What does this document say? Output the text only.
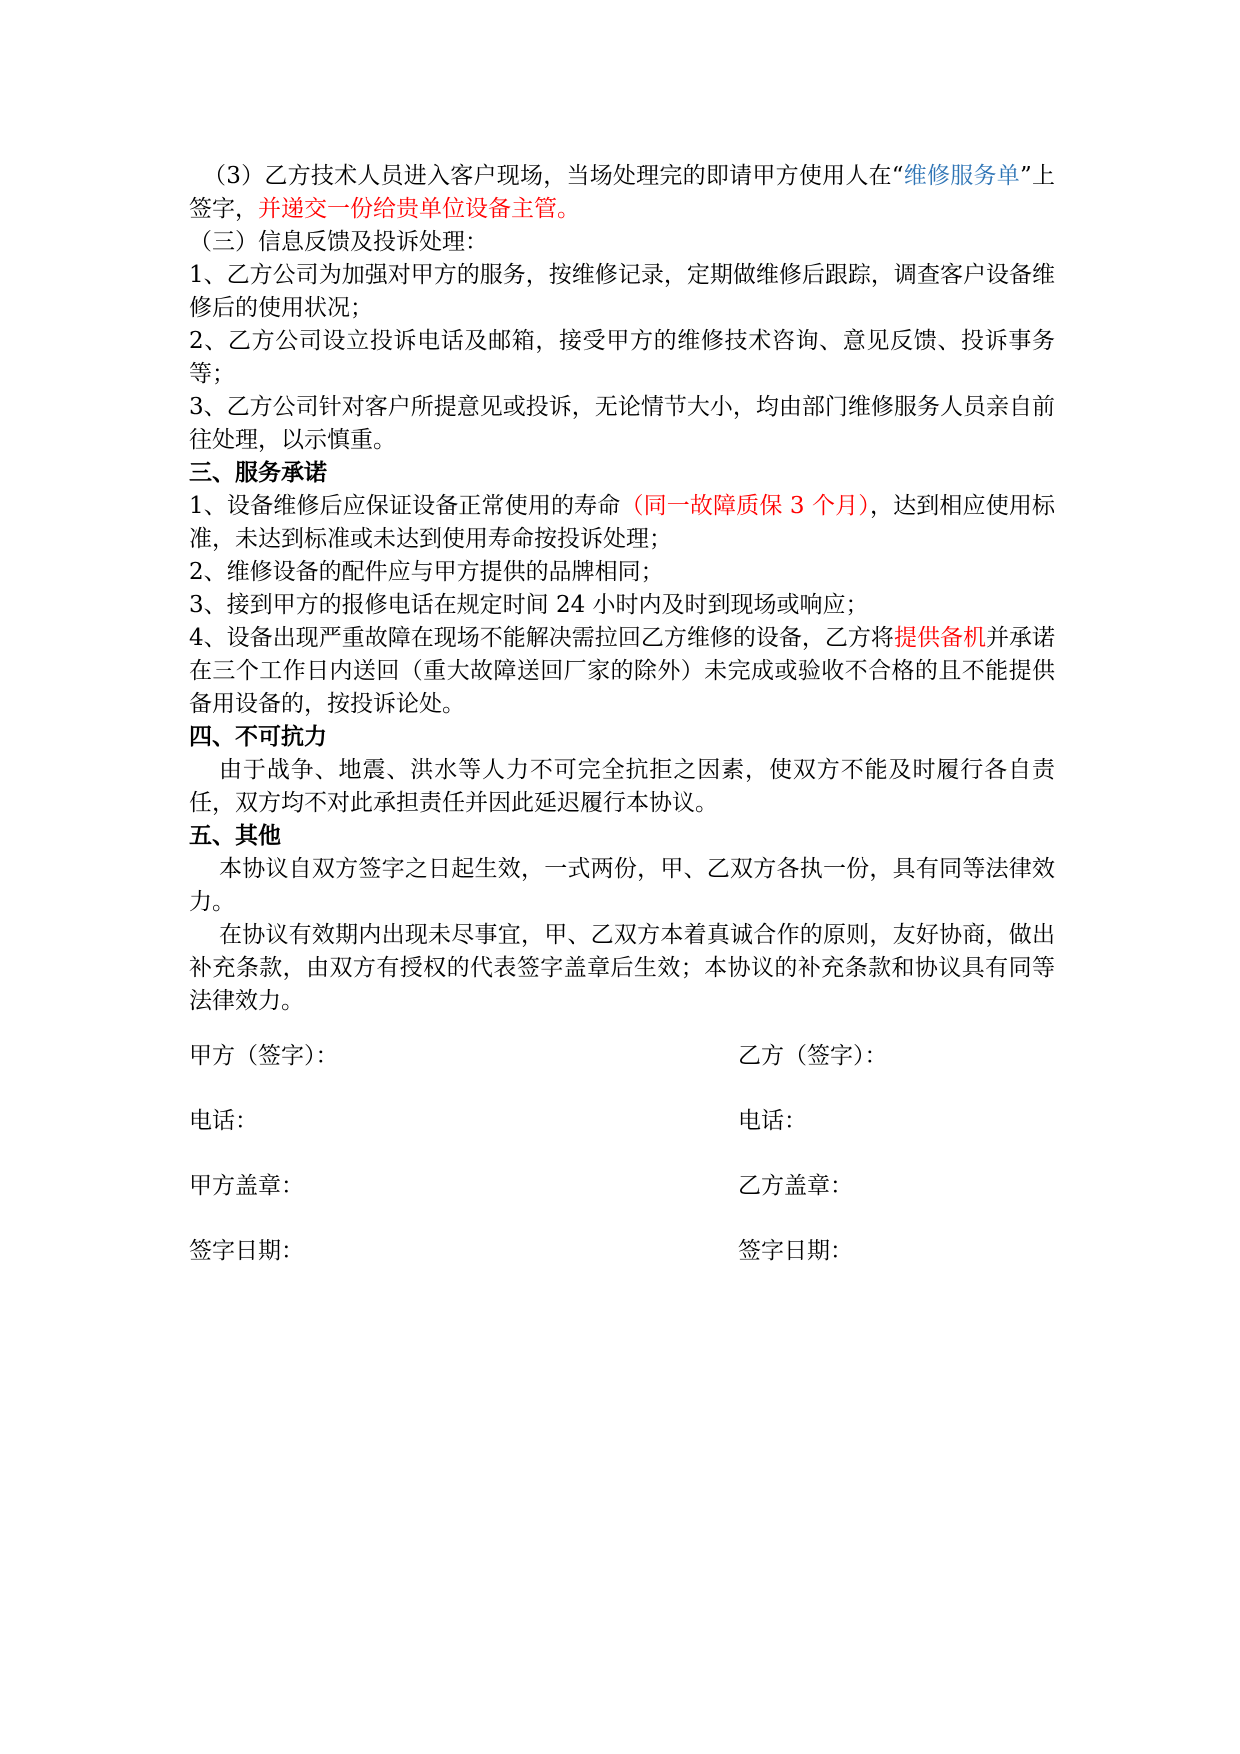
（3）乙方技术人员进入客户现场，当场处理完的即请甲方使用人在“维修服务单”上签字，并递交一份给贵单位设备主管。

（三）信息反馈及投诉处理：

1、乙方公司为加强对甲方的服务，按维修记录，定期做维修后跟踪，调查客户设备维修后的使用状况；

2、乙方公司设立投诉电话及邮箱，接受甲方的维修技术咨询、意见反馈、投诉事务等；

3、乙方公司针对客户所提意见或投诉，无论情节大小，均由部门维修服务人员亲自前往处理，以示慎重。

三、服务承诺

1、设备维修后应保证设备正常使用的寿命（同一故障质保 3 个月），达到相应使用标准，未达到标准或未达到使用寿命按投诉处理；

2、维修设备的配件应与甲方提供的品牌相同；

3、接到甲方的报修电话在规定时间 24 小时内及时到现场或响应；

4、设备出现严重故障在现场不能解决需拉回乙方维修的设备，乙方将提供备机并承诺在三个工作日内送回（重大故障送回厂家的除外）未完成或验收不合格的且不能提供备用设备的，按投诉论处。

四、不可抗力

由于战争、地震、洪水等人力不可完全抗拒之因素，使双方不能及时履行各自责任，双方均不对此承担责任并因此延迟履行本协议。

五、其他

本协议自双方签字之日起生效，一式两份，甲、乙双方各执一份，具有同等法律效力。

在协议有效期内出现未尽事宜，甲、乙双方本着真诚合作的原则，友好协商，做出补充条款，由双方有授权的代表签字盖章后生效；本协议的补充条款和协议具有同等法律效力。

甲方（签字）：	乙方（签字）：
电话：	电话：
甲方盖章：	乙方盖章：
签字日期：	签字日期：
